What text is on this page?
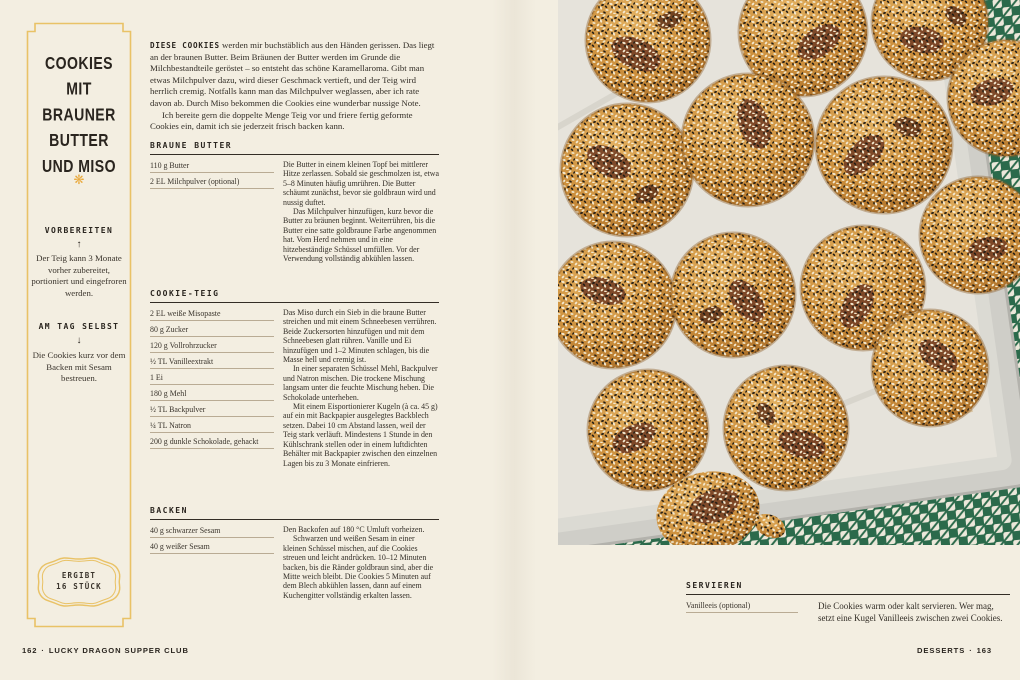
COOKIES MIT BRAUNER BUTTER UND MISO
❋
VORBEREITEN
↑
Der Teig kann 3 Monate vorher zubereitet, portioniert und eingefroren werden.
AM TAG SELBST
↓
Die Cookies kurz vor dem Backen mit Sesam bestreuen.
ERGIBT
16 STÜCK

DIESE COOKIES werden mir buchstäblich aus den Händen gerissen. Das liegt an der braunen Butter. Beim Bräunen der Butter werden im Grunde die Milchbestandteile geröstet – so entsteht das schöne Karamellaroma. Gibt man etwas Milchpulver dazu, wird dieser Geschmack vertieft, und der Teig wird herrlich cremig. Notfalls kann man das Milchpulver weglassen, aber ich rate davon ab. Durch Miso bekommen die Cookies eine wunderbar nussige Note.

Ich bereite gern die doppelte Menge Teig vor und friere fertig geformte Cookies ein, damit ich sie jederzeit frisch backen kann.

BRAUNE BUTTER
110 g Butter
2 EL Milchpulver (optional)

Die Butter in einem kleinen Topf bei mittlerer Hitze zerlassen. Sobald sie geschmolzen ist, etwa 5–8 Minuten häufig umrühren. Die Butter schäumt zunächst, bevor sie goldbraun wird und nussig duftet.

Das Milchpulver hinzufügen, kurz bevor die Butter zu bräunen beginnt. Weiterrühren, bis die Butter eine satte goldbraune Farbe angenommen hat. Vom Herd nehmen und in eine hitzebeständige Schüssel umfüllen. Vor der Verwendung vollständig abkühlen lassen.

COOKIE-TEIG
2 EL weiße Misopaste
80 g Zucker
120 g Vollrohrzucker
½ TL Vanilleextrakt
1 Ei
180 g Mehl
½ TL Backpulver
¼ TL Natron
200 g dunkle Schokolade, gehackt

Das Miso durch ein Sieb in die braune Butter streichen und mit einem Schneebesen verrühren. Beide Zuckersorten hinzufügen und mit dem Schneebesen glatt rühren. Vanille und Ei hinzufügen und 1–2 Minuten schlagen, bis die Masse hell und cremig ist.

In einer separaten Schüssel Mehl, Backpulver und Natron mischen. Die trockene Mischung langsam unter die feuchte Mischung heben. Die Schokolade unterheben.

Mit einem Eisportionierer Kugeln (à ca. 45 g) auf ein mit Backpapier ausgelegtes Backblech setzen. Dabei 10 cm Abstand lassen, weil der Teig stark verläuft. Mindestens 1 Stunde in den Kühlschrank stellen oder in einem luftdichten Behälter mit Backpapier zwischen den einzelnen Lagen bis zu 3 Monate einfrieren.

BACKEN
40 g schwarzer Sesam
40 g weißer Sesam

Den Backofen auf 180 °C Umluft vorheizen.

Schwarzen und weißen Sesam in einer kleinen Schüssel mischen, auf die Cookies streuen und leicht andrücken. 10–12 Minuten backen, bis die Ränder goldbraun sind, aber die Mitte weich bleibt. Die Cookies 5 Minuten auf dem Blech abkühlen lassen, dann auf einem Kuchengitter vollständig erkalten lassen.

162 · LUCKY DRAGON SUPPER CLUB
SERVIEREN
Vanilleeis (optional)	Die Cookies warm oder kalt servieren. Wer mag, setzt eine Kugel Vanilleeis zwischen zwei Cookies.

DESSERTS · 163
